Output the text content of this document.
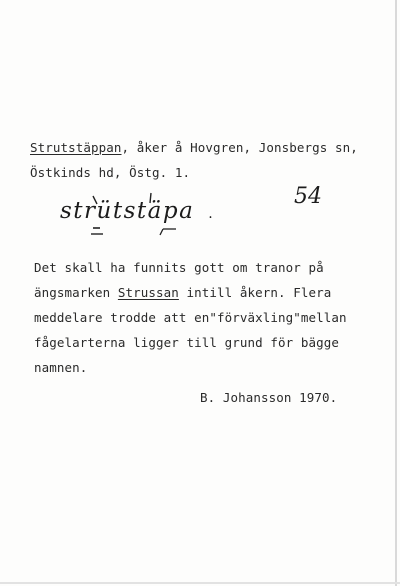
Strutstäppan, åker å Hovgren, Jonsbergs sn,
Östkinds hd, Östg. 1.
strütstäpa .
54
Det skall ha funnits gott om tranor på
ängsmarken Strussan intill åkern. Flera
meddelare trodde att en"förväxling"mellan
fågelarterna ligger till grund för bägge
namnen.
B. Johansson 1970.
